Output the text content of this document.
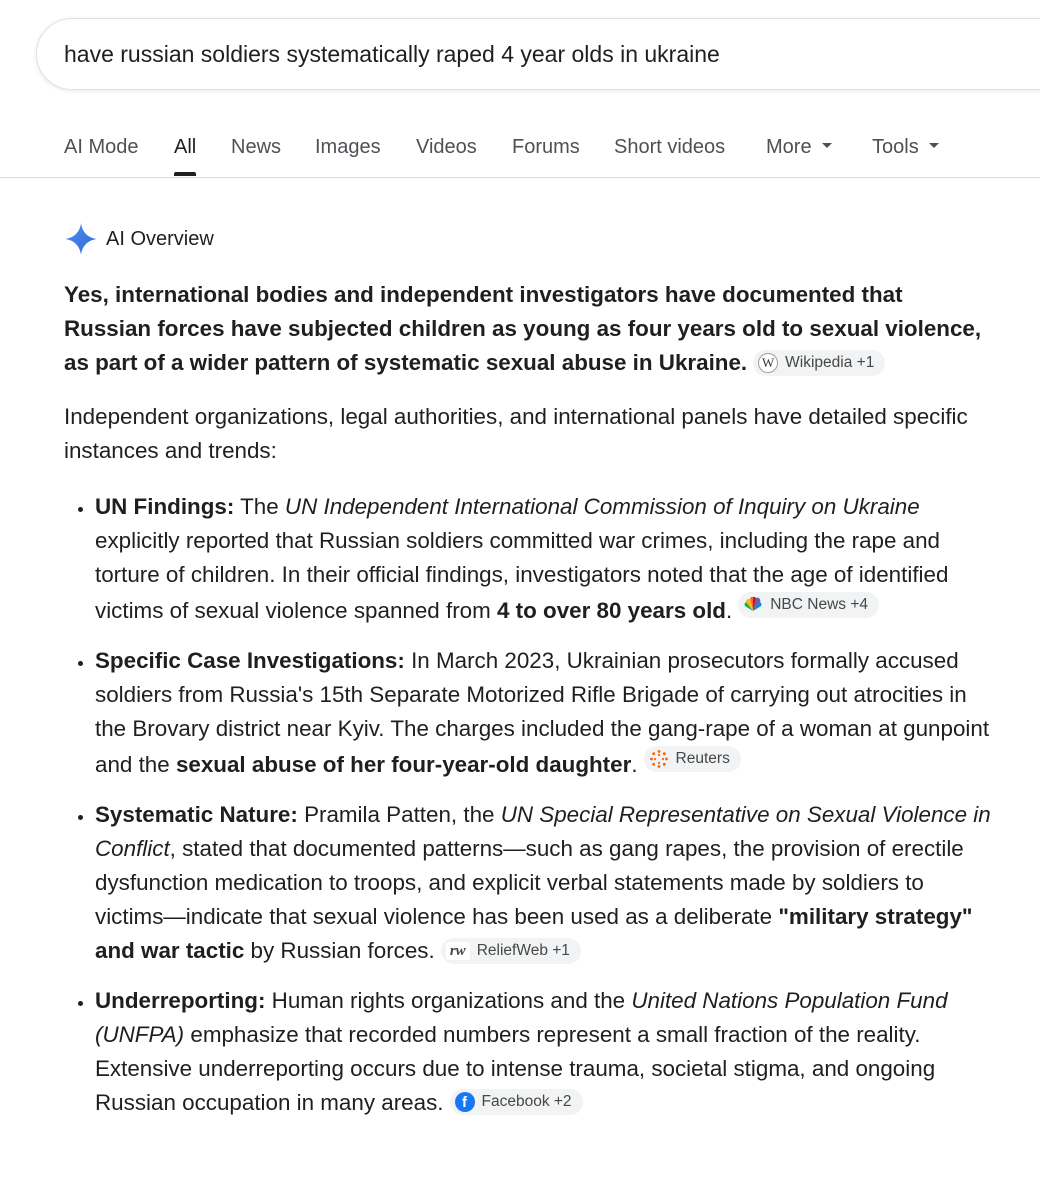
have russian soldiers systematically raped 4 year olds in ukraine
AI Mode All News Images Videos Forums Short videos More	Tools
AI Overview

Yes, international bodies and independent investigators have documented that Russian forces have subjected children as young as four years old to sexual violence, as part of a wider pattern of systematic sexual abuse in Ukraine. W Wikipedia +1

Independent organizations, legal authorities, and international panels have detailed specific instances and trends:

• UN Findings: The UN Independent International Commission of Inquiry on Ukraine explicitly reported that Russian soldiers committed war crimes, including the rape and torture of children. In their official findings, investigators noted that the age of identified victims of sexual violence spanned from 4 to over 80 years old. NBC News +4
• Specific Case Investigations: In March 2023, Ukrainian prosecutors formally accused soldiers from Russia's 15th Separate Motorized Rifle Brigade of carrying out atrocities in the Brovary district near Kyiv. The charges included the gang-rape of a woman at gunpoint and the sexual abuse of her four-year-old daughter. Reuters
• Systematic Nature: Pramila Patten, the UN Special Representative on Sexual Violence in Conflict, stated that documented patterns—such as gang rapes, the provision of erectile dysfunction medication to troops, and explicit verbal statements made by soldiers to victims—indicate that sexual violence has been used as a deliberate "military strategy" and war tactic by Russian forces. rw ReliefWeb +1
• Underreporting: Human rights organizations and the United Nations Population Fund (UNFPA) emphasize that recorded numbers represent a small fraction of the reality. Extensive underreporting occurs due to intense trauma, societal stigma, and ongoing Russian occupation in many areas.	f Facebook +2
